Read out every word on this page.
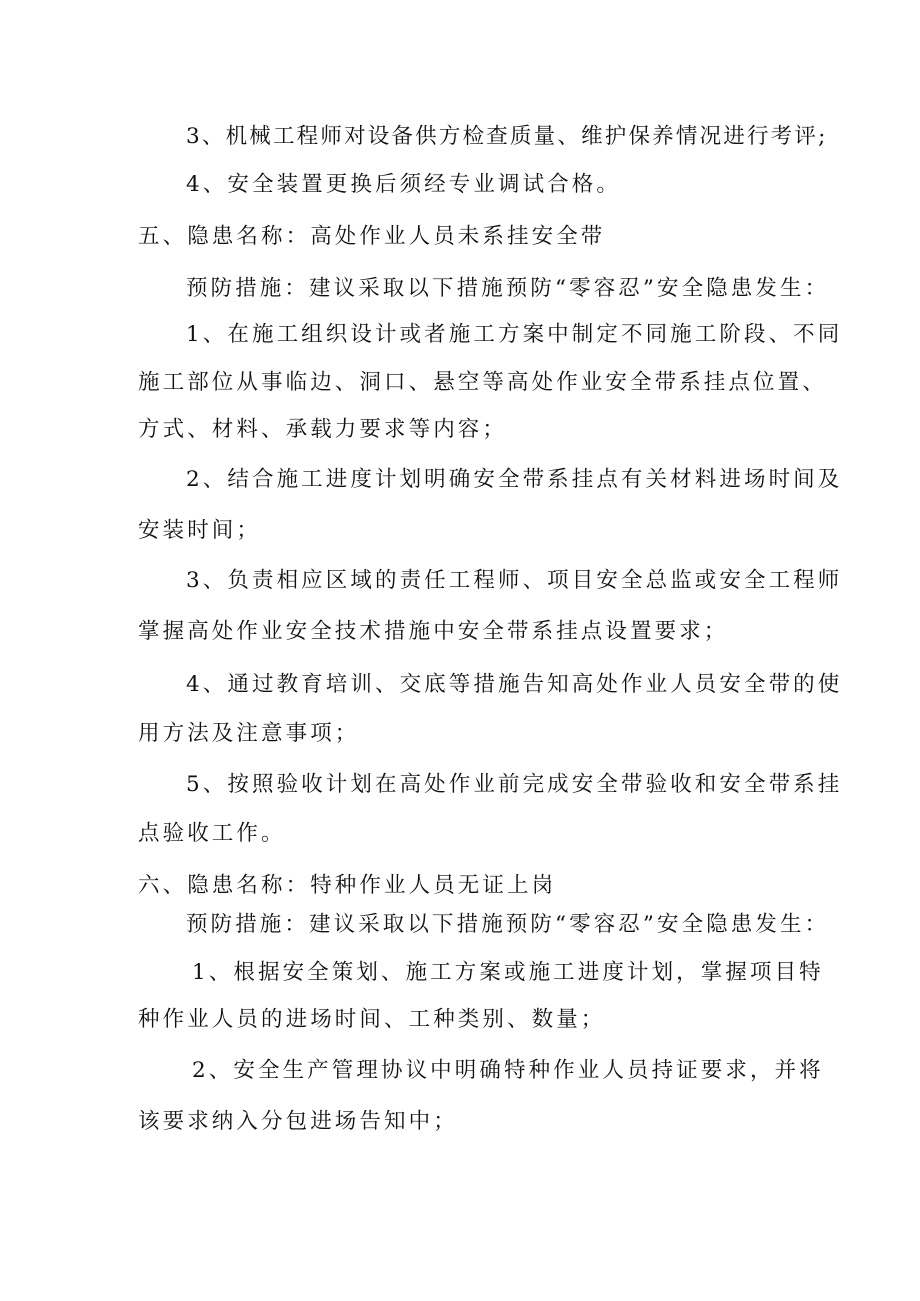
3、机械工程师对设备供方检查质量、维护保养情况进行考评;
4、安全装置更换后须经专业调试合格。
五、隐患名称：高处作业人员未系挂安全带
预防措施：建议采取以下措施预防“零容忍”安全隐患发生：
1、在施工组织设计或者施工方案中制定不同施工阶段、不同
施工部位从事临边、洞口、悬空等高处作业安全带系挂点位置、
方式、材料、承载力要求等内容；
2、结合施工进度计划明确安全带系挂点有关材料进场时间及
安装时间；
3、负责相应区域的责任工程师、项目安全总监或安全工程师
掌握高处作业安全技术措施中安全带系挂点设置要求；
4、通过教育培训、交底等措施告知高处作业人员安全带的使
用方法及注意事项；
5、按照验收计划在高处作业前完成安全带验收和安全带系挂
点验收工作。
六、隐患名称：特种作业人员无证上岗
预防措施：建议采取以下措施预防“零容忍”安全隐患发生：
1、根据安全策划、施工方案或施工进度计划，掌握项目特
种作业人员的进场时间、工种类别、数量；
2、安全生产管理协议中明确特种作业人员持证要求，并将
该要求纳入分包进场告知中；
